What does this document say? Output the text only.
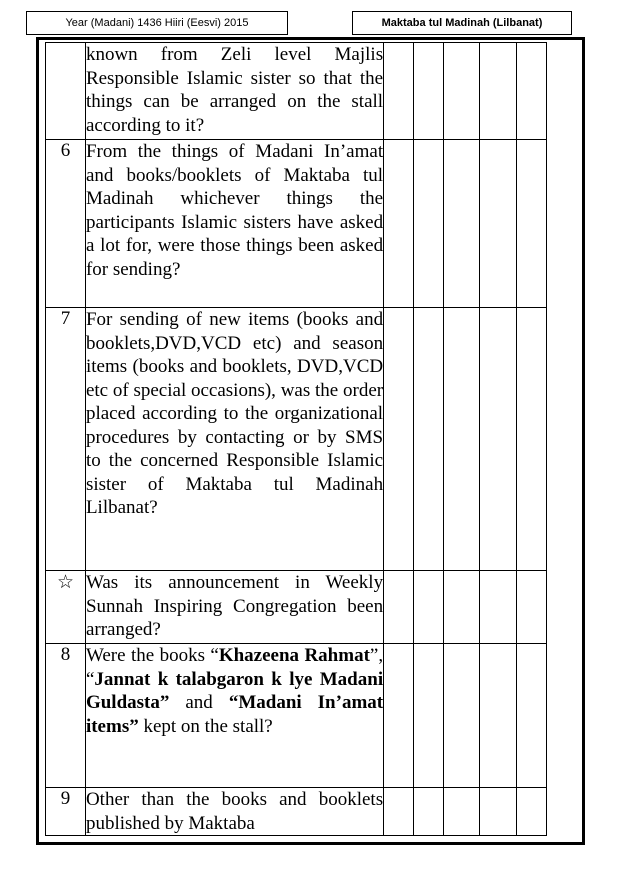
Year (Madani) 1436 Hiiri (Eesvi) 2015	Maktaba tul Madinah (Lilbanat)

	known from Zeli level Majlis Responsible Islamic sister so that the things can be arranged on the stall according to it?					

6	From the things of Madani In’amat and books/booklets of Maktaba tul Madinah whichever things the participants Islamic sisters have asked a lot for, were those things been asked for sending?					

7	For sending of new items (books and booklets,DVD,VCD etc) and season items (books and booklets, DVD,VCD etc of special occasions), was the order placed according to the organizational procedures by contacting or by SMS to the concerned Responsible Islamic sister of Maktaba tul Madinah Lilbanat?					

☆	Was its announcement in Weekly Sunnah Inspiring Congregation been arranged?					

8	Were the books “Khazeena Rahmat”, “Jannat k talabgaron k lye Madani Guldasta” and “Madani In’amat items” kept on the stall?					

9	Other than the books and booklets published by Maktaba					
